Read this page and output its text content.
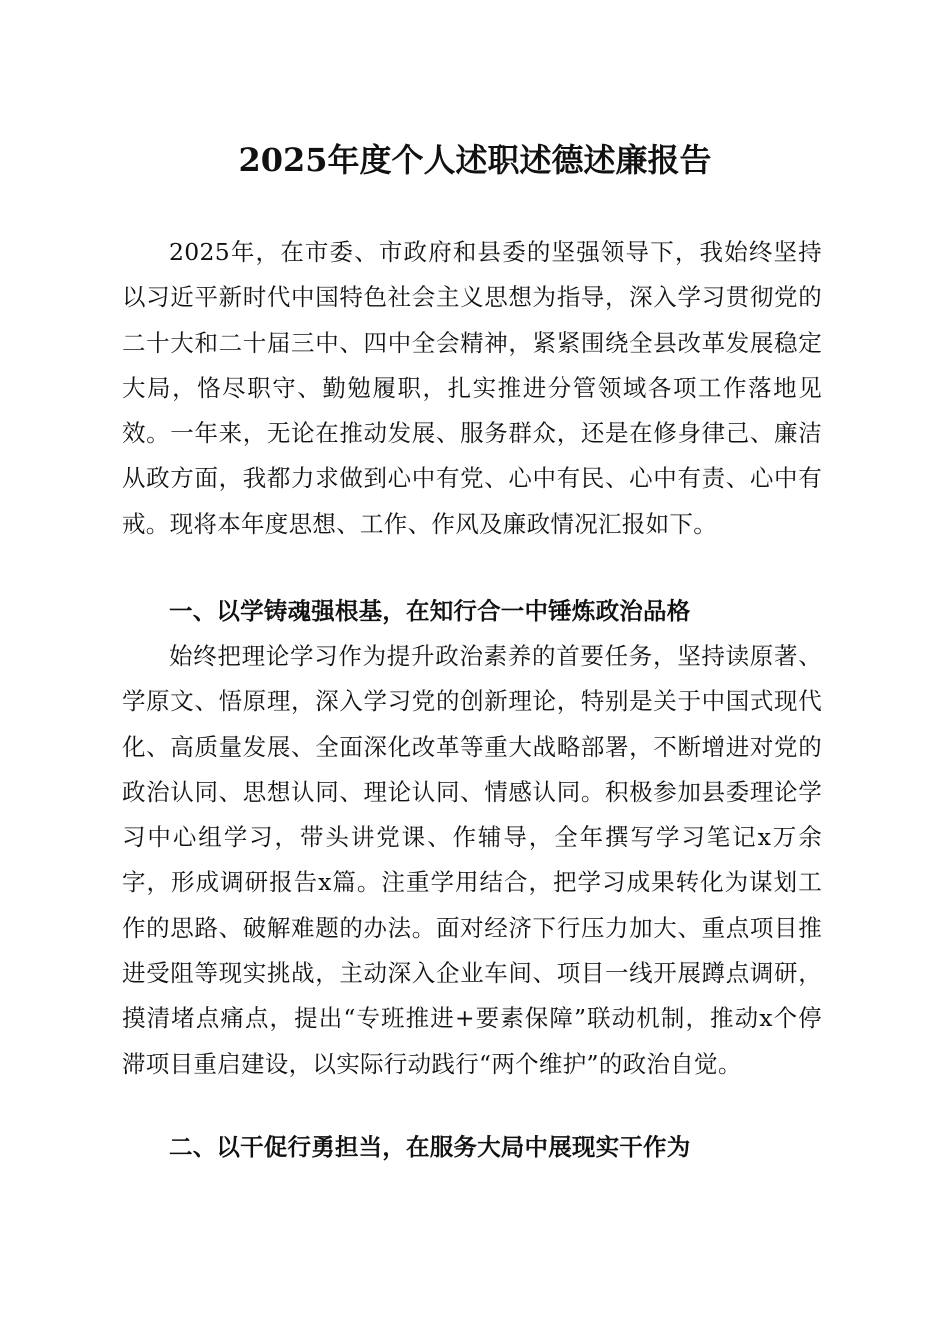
2025年度个人述职述德述廉报告

2025年，在市委、市政府和县委的坚强领导下，我始终坚持以习近平新时代中国特色社会主义思想为指导，深入学习贯彻党的二十大和二十届三中、四中全会精神，紧紧围绕全县改革发展稳定大局，恪尽职守、勤勉履职，扎实推进分管领域各项工作落地见效。一年来，无论在推动发展、服务群众，还是在修身律己、廉洁从政方面，我都力求做到心中有党、心中有民、心中有责、心中有戒。现将本年度思想、工作、作风及廉政情况汇报如下。

一、以学铸魂强根基，在知行合一中锤炼政治品格

始终把理论学习作为提升政治素养的首要任务，坚持读原著、学原文、悟原理，深入学习党的创新理论，特别是关于中国式现代化、高质量发展、全面深化改革等重大战略部署，不断增进对党的政治认同、思想认同、理论认同、情感认同。积极参加县委理论学习中心组学习，带头讲党课、作辅导，全年撰写学习笔记x万余字，形成调研报告x篇。注重学用结合，把学习成果转化为谋划工作的思路、破解难题的办法。面对经济下行压力加大、重点项目推进受阻等现实挑战，主动深入企业车间、项目一线开展蹲点调研，摸清堵点痛点，提出“专班推进+要素保障”联动机制，推动x个停滞项目重启建设，以实际行动践行“两个维护”的政治自觉。

二、以干促行勇担当，在服务大局中展现实干作为
